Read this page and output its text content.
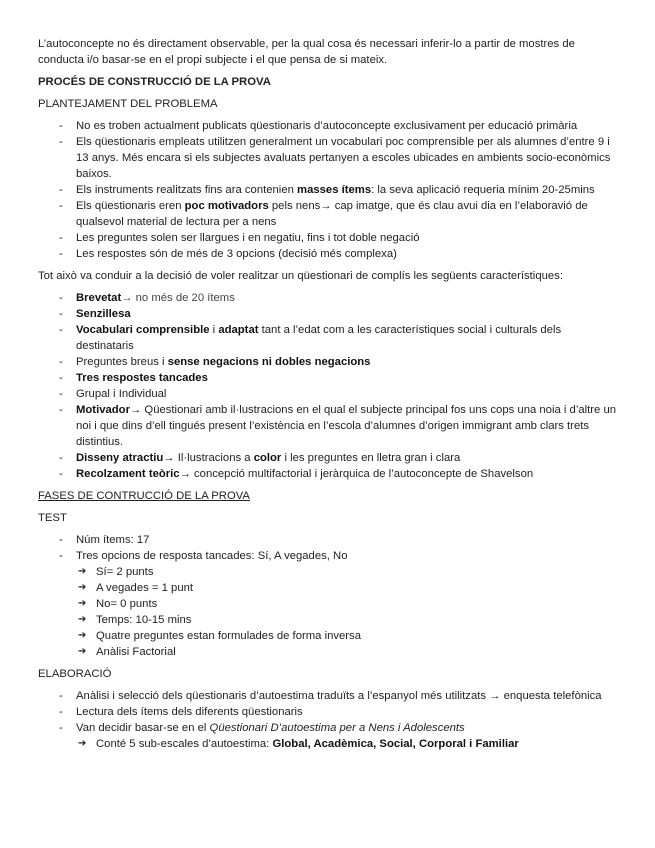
L’autoconcepte no és directament observable, per la qual cosa és necessari inferir-lo a partir de mostres de conducta i/o basar-se en el propi subjecte i el que pensa de si mateix.

PROCÉS DE CONSTRUCCIÓ DE LA PROVA

PLANTEJAMENT DEL PROBLEMA

- No es troben actualment publicats qüestionaris d’autoconcepte exclusivament per educació primària
- Els qüestionaris empleats utilitzen generalment un vocabulari poc comprensible per als alumnes d’entre 9 i 13 anys. Més encara si els subjectes avaluats pertanyen a escoles ubicades en ambients socio-econòmics baixos.
- Els instruments realitzats fins ara contenien masses ítems: la seva aplicació requeria mínim 20-25mins
- Els qüestionaris eren poc motivadors pels nens→ cap imatge, que és clau avui dia en l’elaboravió de qualsevol material de lectura per a nens
- Les preguntes solen ser llargues i en negatiu, fins i tot doble negació
- Les respostes són de més de 3 opcions (decisió més complexa)

Tot això va conduir a la decisió de voler realitzar un qüestionari de complís les següents característiques:

- Brevetat→ no més de 20 ítems
- Senzillesa
- Vocabulari comprensible i adaptat tant a l’edat com a les característiques social i culturals dels destinataris
- Preguntes breus i sense negacions ni dobles negacions
- Tres respostes tancades
- Grupal i Individual
- Motivador→ Qüestionari amb il·lustracions en el qual el subjecte principal fos uns cops una noia i d’altre un noi i que dins d’ell tingués present l’existència en l’escola d’alumnes d’origen immigrant amb clars trets distintius.
- Disseny atractiu→ Il·lustracions a color i les preguntes en lletra gran i clara
- Recolzament teòric→ concepció multifactorial i jeràrquica de l’autoconcepte de Shavelson

FASES DE CONTRUCCIÓ DE LA PROVA

TEST

- Núm ítems: 17
- Tres opcions de resposta tancades: Sí, A vegades, No
➔ Sí= 2 punts
➔ A vegades = 1 punt
➔ No= 0 punts
➔ Temps: 10-15 mins
➔ Quatre preguntes estan formulades de forma inversa
➔ Anàlisi Factorial

ELABORACIÓ

- Anàlisi i selecció dels qüestionaris d’autoestima traduïts a l’espanyol més utilitzats → enquesta telefònica
- Lectura dels ítems dels diferents qüestionaris
- Van decidir basar-se en el Qüestionari D’autoestima per a Nens i Adolescents
➔ Conté 5 sub-escales d’autoestima: Global, Acadèmica, Social, Corporal i Familiar
